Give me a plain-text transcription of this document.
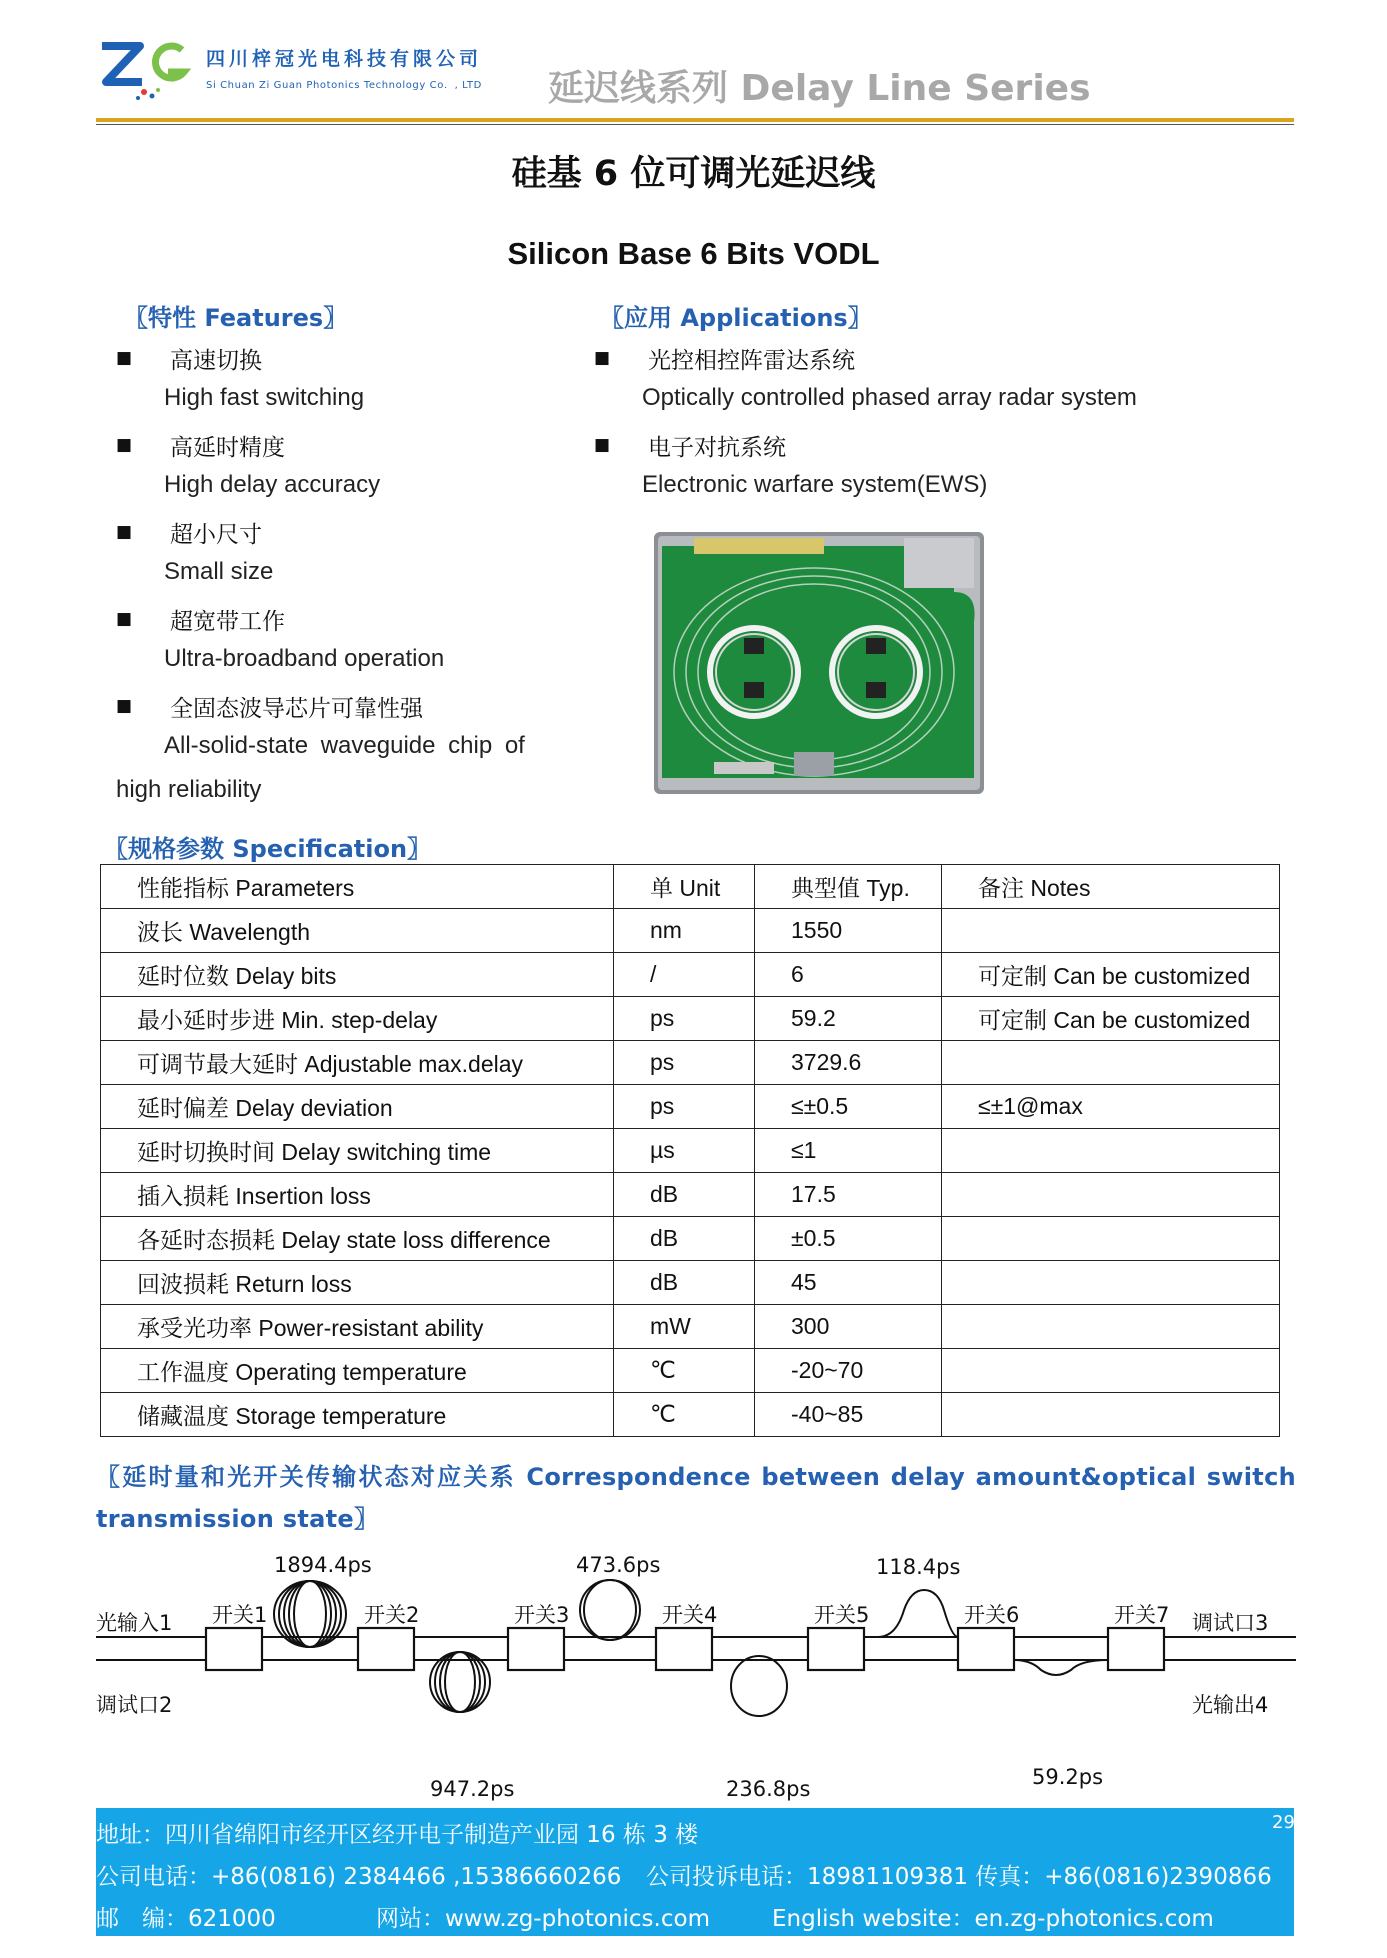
四川梓冠光电科技有限公司
Si Chuan Zi Guan Photonics Technology Co．, LTD 延迟线系列 Delay Line Series
硅基 6 位可调光延迟线
Silicon Base 6 Bits VODL
〖特性 Features〗
■ 高速切换
High fast switching
■ 高延时精度
High delay accuracy
■ 超小尺寸
Small size
■ 超宽带工作
Ultra-broadband operation
■ 全固态波导芯片可靠性强
All-solid-state waveguide chip of
high reliability
〖应用 Applications〗
■ 光控相控阵雷达系统
Optically controlled phased array radar system
■ 电子对抗系统
Electronic warfare system(EWS)
〖规格参数 Specification〗
性能指标 Parameters	单 Unit	典型值 Typ.	备注 Notes
波长 Wavelength	nm	1550	
延时位数 Delay bits	/	6	可定制 Can be customized
最小延时步进 Min. step-delay	ps	59.2	可定制 Can be customized
可调节最大延时 Adjustable max.delay	ps	3729.6	
延时偏差 Delay deviation	ps	≤±0.5	≤±1@max
延时切换时间 Delay switching time	µs	≤1	
插入损耗 Insertion loss	dB	17.5	
各延时态损耗 Delay state loss difference	dB	±0.5	
回波损耗 Return loss	dB	45	
承受光功率 Power-resistant ability	mW	300	
工作温度 Operating temperature	℃	-20~70	
储藏温度 Storage temperature	℃	-40~85	
〖延时量和光开关传输状态对应关系 Correspondence between delay amount&optical switch transmission state〗
光输入1
调试口2
调试口3
光输出4
开关1	开关2	开关3	开关4	开关5	开关6	开关7
1894.4ps
947.2ps
473.6ps
236.8ps
118.4ps
59.2ps
地址：四川省绵阳市经开区经开电子制造产业园 16 栋 3 楼
公司电话：+86(0816) 2384466 ,15386660266 公司投诉电话：18981109381 传真：+86(0816)2390866
邮　编：621000	网站：www.zg-photonics.com	English website：en.zg-photonics.com
29
